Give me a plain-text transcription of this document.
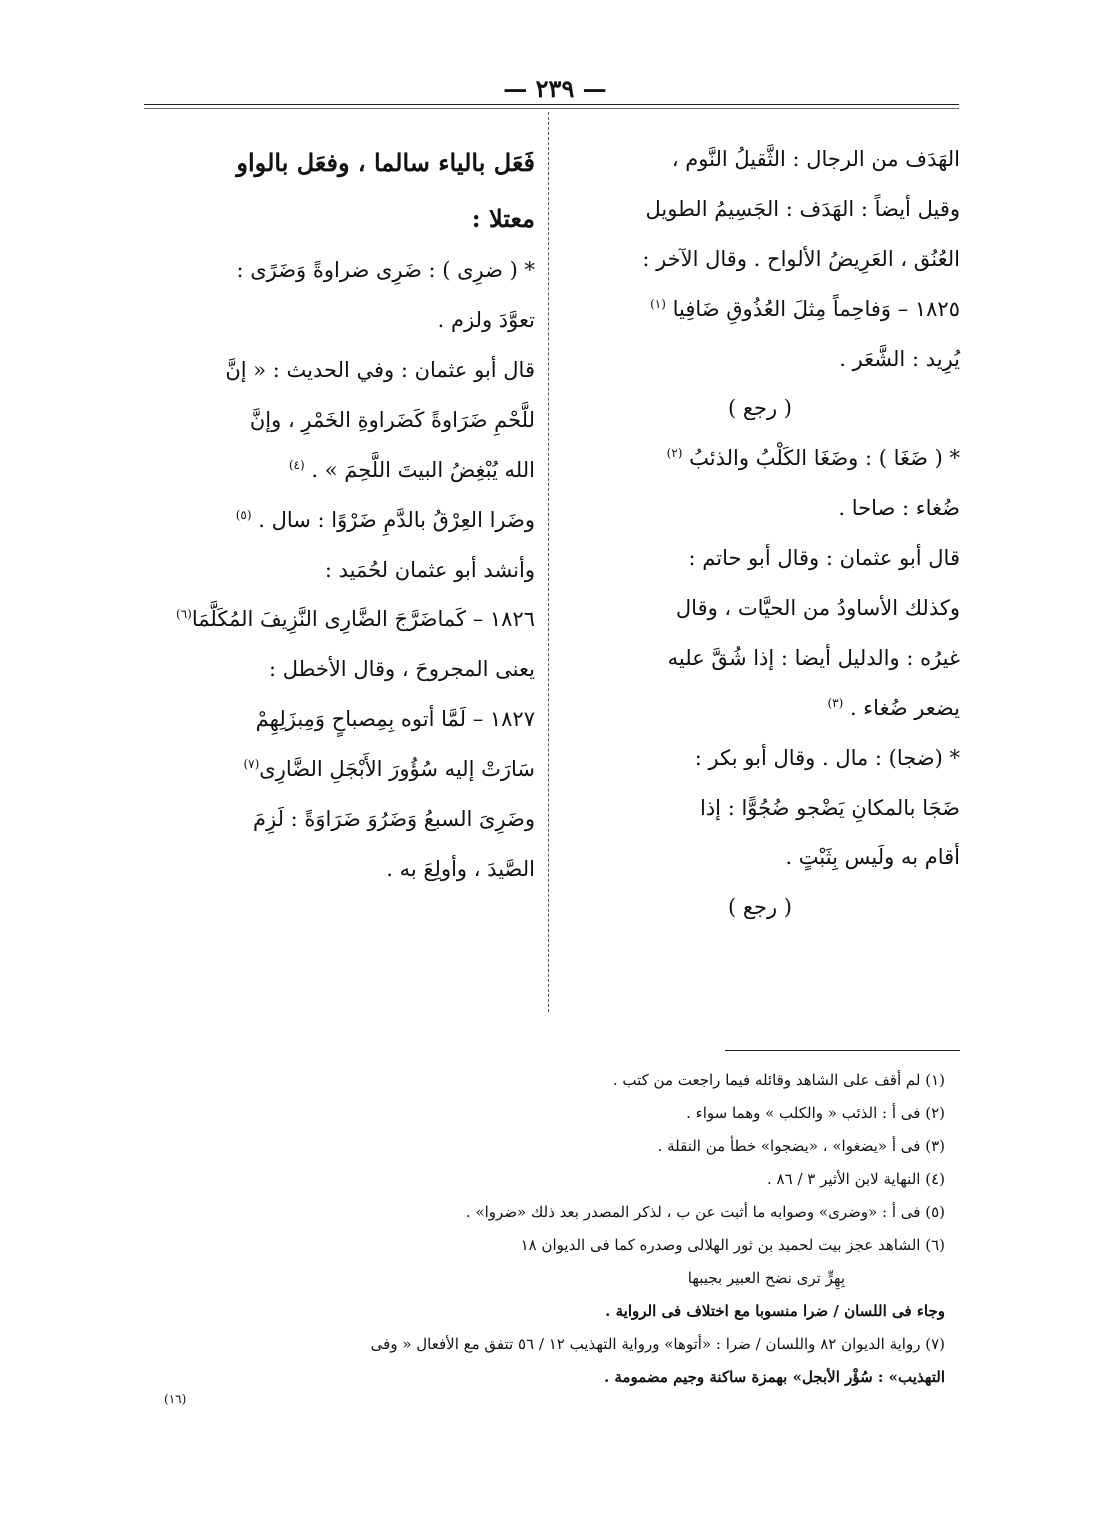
— ٢٣٩ —
الهَدَف من الرجال : الثَّقيلُ النَّوم ،
وقيل أيضاً : الهَدَف : الجَسِيمُ الطويل
العُنُق ، العَرِيضُ الألواح . وقال الآخر :
١٨٢٥ – وَفاحِماً مِثلَ العُذُوقِ ضَافِيا $^{(١)}$
يُرِيد : الشَّعَر .
( رجع )
* ( ضَغَا ) : وضَغَا الكَلْبُ والذئبُ $^{(٢)}$
ضُغاء : صاحا .
قال أبو عثمان : وقال أبو حاتم :
وكذلك الأساودُ من الحيَّات ، وقال
غيرُه : والدليل أيضا : إذا شُقَّ عليه
يضعر ضُغاء . $^{(٣)}$
* (ضجا) : مال . وقال أبو بكر :
ضَجَا بالمكانِ يَضْجو ضُجُوًّا : إذا
أقام به ولَيس بِثَبْتٍ .
( رجع )
فَعَل بالياء سالما ، وفعَل بالواو
معتلا :
* ( ضرِى ) : ضَرِى ضراوةً وَضَرًى :
تعوَّدَ ولزم .
قال أبو عثمان : وفي الحديث : « إنَّ
للَّحْمِ ضَرَاوةً كَضَراوةِ الخَمْرِ ، وإنَّ
الله يُبْغِضُ البيتَ اللَّحِمَ » . $^{(٤)}$
وضَرا العِرْقُ بالدَّمِ ضَرْوًا : سال . $^{(٥)}$
وأنشد أبو عثمان لحُمَيد :
١٨٢٦ – كَماضَرَّجَ الضَّارِى النَّزِيفَ المُكَلَّمَا$^{(٦)}$
يعنى المجروحَ ، وقال الأخطل :
١٨٢٧ – لَمَّا أتوه بِمِصباحٍ وَمِبزَلِهِمْ
سَارَتْ إليه سُؤُورَ الأَبْجَلِ الضَّارِى$^{(٧)}$
وضَرِىَ السبعُ وَضَرُوَ ضَرَاوَةً : لَزِمَ
الصَّيدَ ، وأولِعَ به .
(١) لم أقف على الشاهد وقائله فيما راجعت من كتب .
(٢) فى أ : الذئب « والكلب » وهما سواء .
(٣) فى أ «يضغوا» ، «يضجوا» خطأ من النقلة .
(٤) النهاية لابن الأثير ٣ / ٨٦ .
(٥) فى أ : «وضرى» وصوابه ما أثبت عن ب ، لذكر المصدر بعد ذلك «ضروا» .
(٦) الشاهد عجز بيت لحميد بن ثور الهلالى وصدره كما فى الديوان ١٨
بِهِرٍّ ترى نضح العبير بجيبها
وجاء فى اللسان / ضرا منسوبا مع اختلاف فى الرواية .
(٧) رواية الديوان ٨٢ واللسان / ضرا : «أتوها» ورواية التهذيب ١٢ / ٥٦ تتفق مع الأفعال « وفى
التهذيب» : سُؤْر الأبجل» بهمزة ساكنة وجيم مضمومة .
(١٦)
